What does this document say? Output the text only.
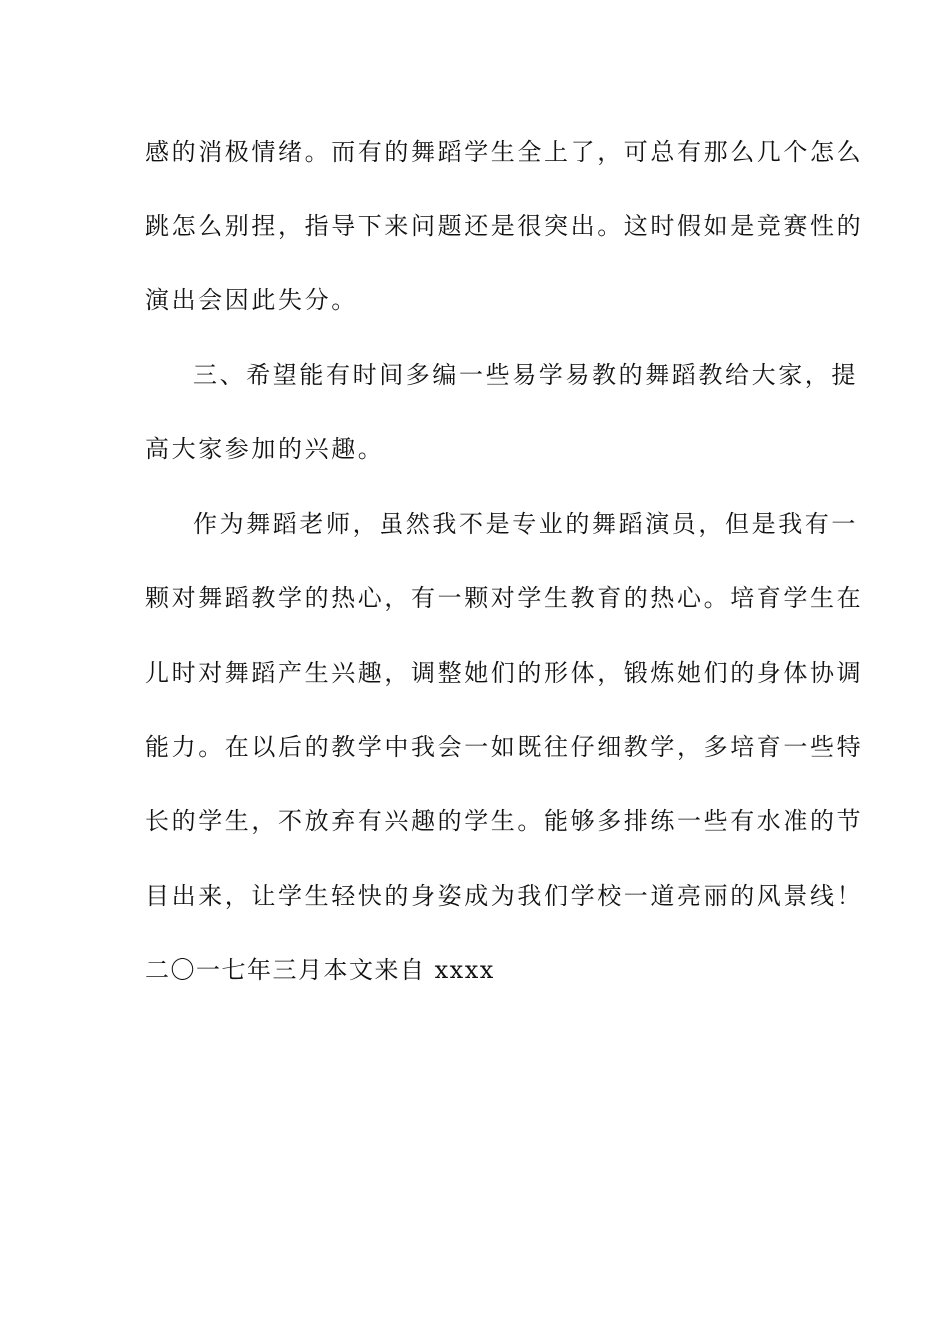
感的消极情绪。而有的舞蹈学生全上了，可总有那么几个怎么
跳怎么别捏，指导下来问题还是很突出。这时假如是竞赛性的
演出会因此失分。
三、希望能有时间多编一些易学易教的舞蹈教给大家，提
高大家参加的兴趣。
作为舞蹈老师，虽然我不是专业的舞蹈演员，但是我有一
颗对舞蹈教学的热心，有一颗对学生教育的热心。培育学生在
儿时对舞蹈产生兴趣，调整她们的形体，锻炼她们的身体协调
能力。在以后的教学中我会一如既往仔细教学，多培育一些特
长的学生，不放弃有兴趣的学生。能够多排练一些有水准的节
目出来，让学生轻快的身姿成为我们学校一道亮丽的风景线！
二〇一七年三月本文来自 xxxx
